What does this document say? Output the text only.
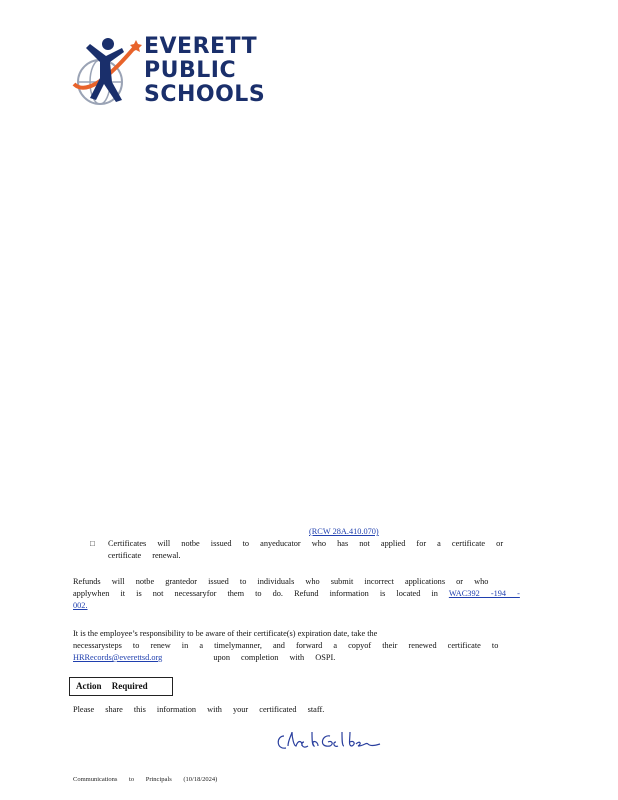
EVERETT
PUBLIC
SCHOOLS
(RCW 28A.410.070)
□ Certificates will notbe issued to anyeducator who has not applied for a certificate or certificate renewal.
Refunds will notbe grantedor issued to individuals who submit incorrect applications or who applywhen it is not necessaryfor them to do. Refund information is located in WAC392 -194 - 002.
It is the employee’s responsibility to be aware of their certificate(s) expiration date, take the
necessarysteps to renew in a timelymanner, and forward a copyof their renewed certificate to
HRRecords@everettsd.org	upon completion with OSPI.
Action Required
Please share this information with your certificated staff.
Communications to Principals (10/18/2024)
